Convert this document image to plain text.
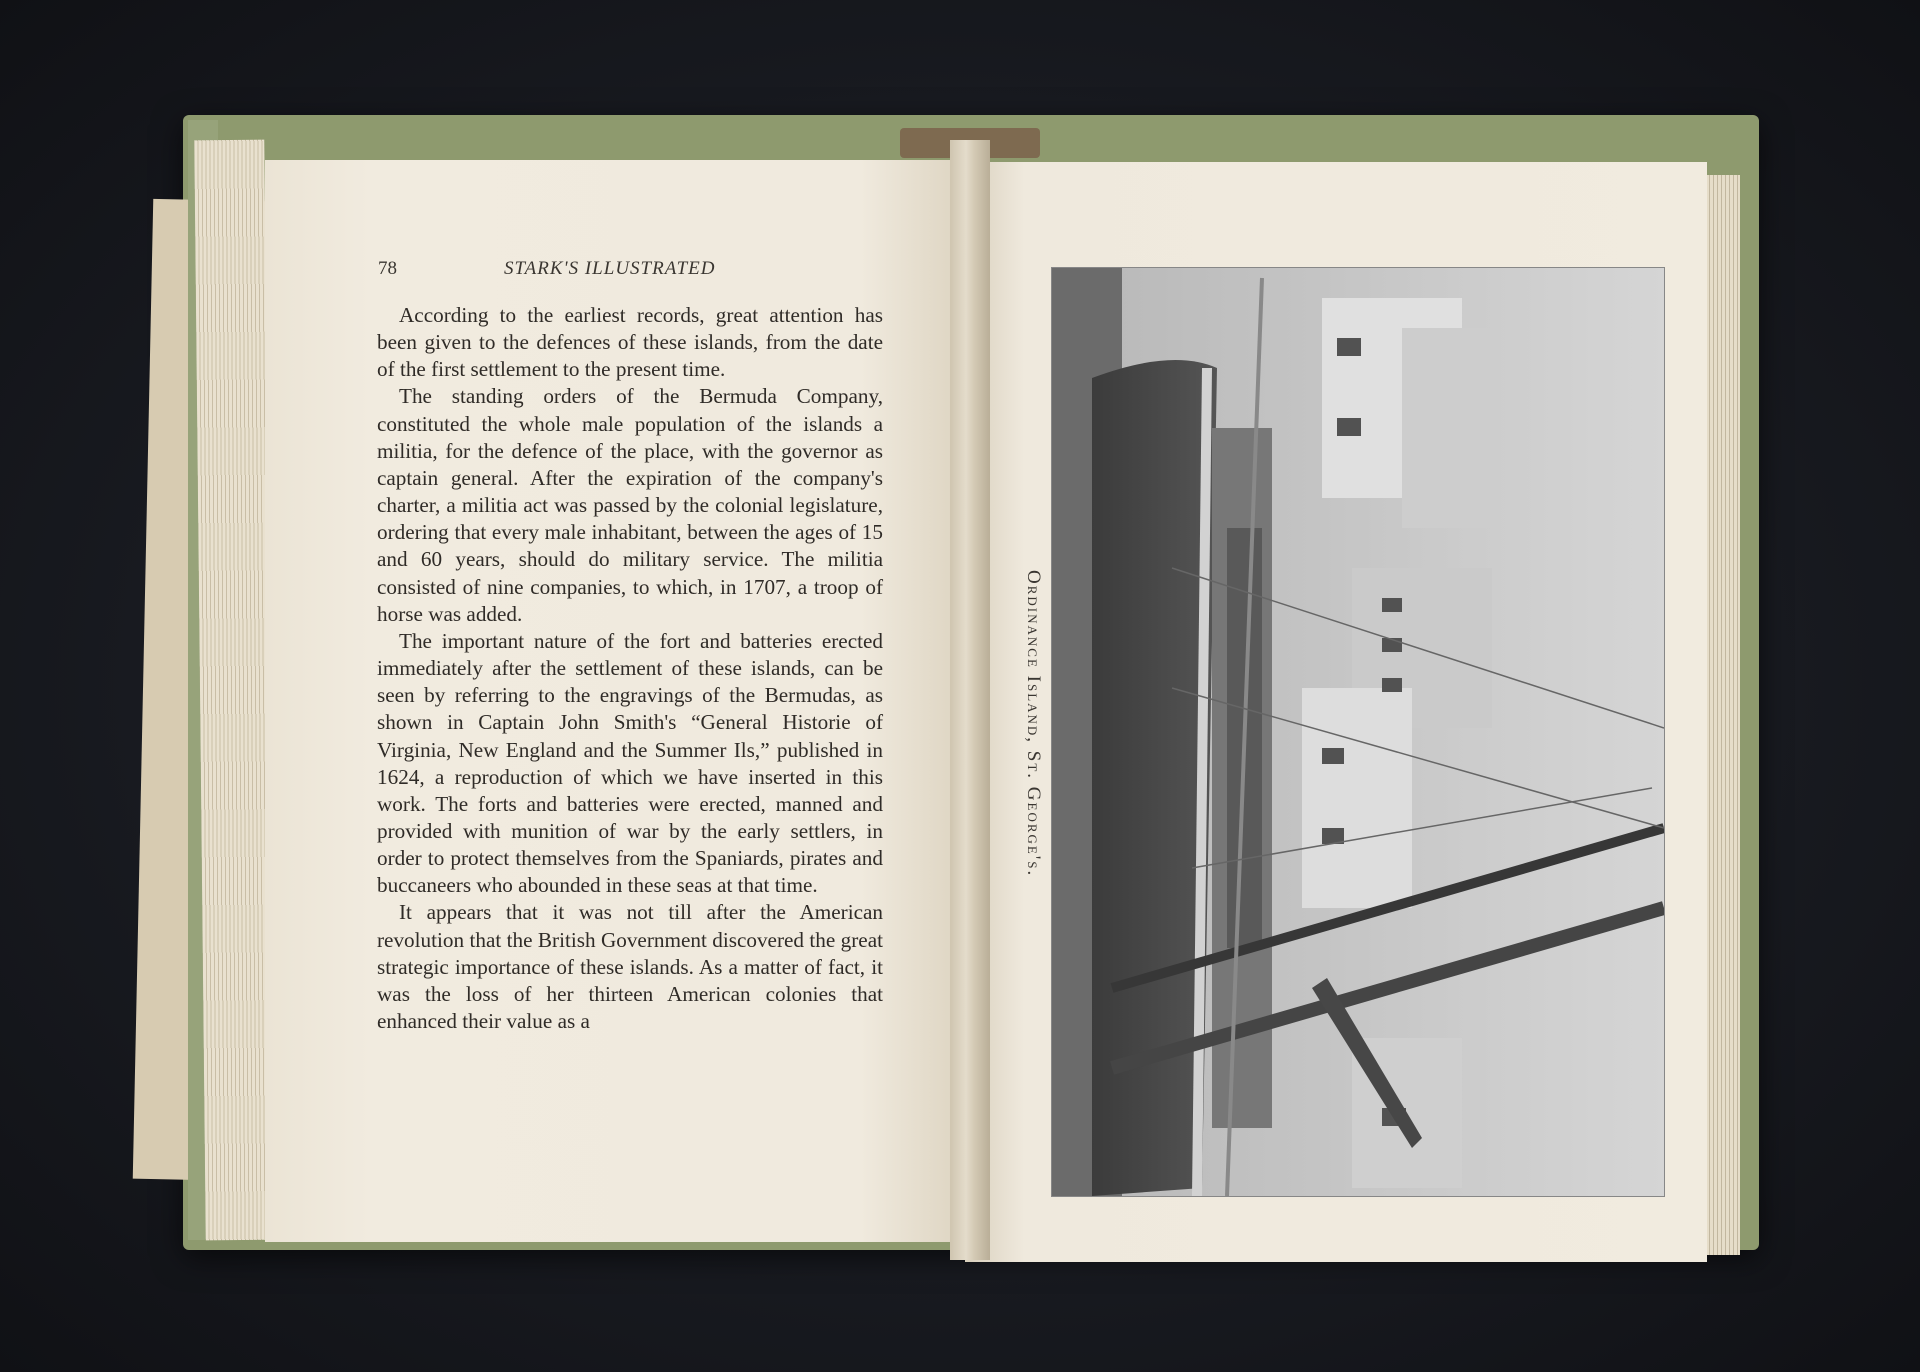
78	STARK'S ILLUSTRATED

According to the earliest records, great attention has been given to the defences of these islands, from the date of the first settlement to the present time.

The standing orders of the Bermuda Company, constituted the whole male population of the islands a militia, for the defence of the place, with the governor as captain general. After the expiration of the company's charter, a militia act was passed by the colonial legislature, ordering that every male inhabitant, between the ages of 15 and 60 years, should do military service. The militia consisted of nine companies, to which, in 1707, a troop of horse was added.

The important nature of the fort and batteries erected immediately after the settlement of these islands, can be seen by referring to the engravings of the Bermudas, as shown in Captain John Smith's “General Historie of Virginia, New England and the Summer Ils,” published in 1624, a reproduction of which we have inserted in this work. The forts and batteries were erected, manned and provided with munition of war by the early settlers, in order to protect themselves from the Spaniards, pirates and buccaneers who abounded in these seas at that time.

It appears that it was not till after the American revolution that the British Government discovered the great strategic importance of these islands. As a matter of fact, it was the loss of her thirteen American colonies that enhanced their value as a

Ordinance Island, St. George's.
